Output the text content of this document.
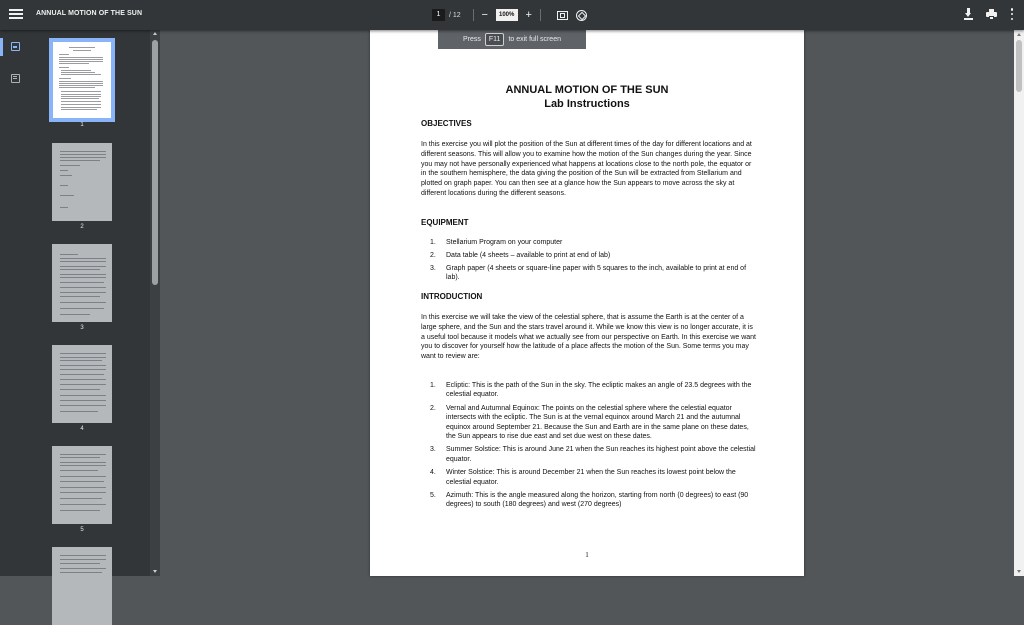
ANNUAL MOTION OF THE SUN	1	/ 12 −	100%	+
1
2
3
4
5
Press	F11	to exit full screen
ANNUAL MOTION OF THE SUN
Lab Instructions
OBJECTIVES
In this exercise you will plot the position of the Sun at different times of the day for different locations and at different seasons. This will allow you to examine how the motion of the Sun changes during the year. Since you may not have personally experienced what happens at locations close to the north pole, the equator or in the southern hemisphere, the data giving the position of the Sun will be extracted from Stellarium and plotted on graph paper. You can then see at a glance how the Sun appears to move across the sky at different locations during the different seasons.
EQUIPMENT
1. Stellarium Program on your computer
2. Data table (4 sheets – available to print at end of lab)
3. Graph paper (4 sheets or square-line paper with 5 squares to the inch, available to print at end of lab).
INTRODUCTION
In this exercise we will take the view of the celestial sphere, that is assume the Earth is at the center of a large sphere, and the Sun and the stars travel around it. While we know this view is no longer accurate, it is a useful tool because it models what we actually see from our perspective on Earth. In this exercise we want you to discover for yourself how the latitude of a place affects the motion of the Sun. Some terms you may want to review are:
1. Ecliptic: This is the path of the Sun in the sky. The ecliptic makes an angle of 23.5 degrees with the celestial equator.
2. Vernal and Autumnal Equinox: The points on the celestial sphere where the celestial equator intersects with the ecliptic. The Sun is at the vernal equinox around March 21 and the autumnal equinox around September 21. Because the Sun and Earth are in the same plane on these dates, the Sun appears to rise due east and set due west on these dates.
3. Summer Solstice: This is around June 21 when the Sun reaches its highest point above the celestial equator.
4. Winter Solstice: This is around December 21 when the Sun reaches its lowest point below the celestial equator.
5. Azimuth: This is the angle measured along the horizon, starting from north (0 degrees) to east (90 degrees) to south (180 degrees) and west (270 degrees)
1
